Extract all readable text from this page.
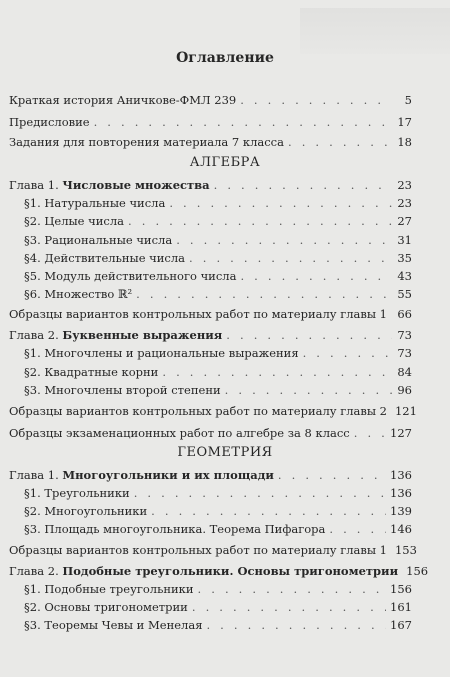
Оглавление
Краткая история Аничкове-ФМЛ 239 . . .	5
Предисловие . . .	17
Задания для повторения материала 7 класса . . .	18
АЛГЕБРА
Глава 1. Числовые множества . . .	23
§1. Натуральные числа . . .	23
§2. Целые числа . . .	27
§3. Рациональные числа . . .	31
§4. Действительные числа . . .	35
§5. Модуль действительного числа . . .	43
§6. Множество ℝ² . . .	55
Образцы вариантов контрольных работ по материалу главы 1 . . . 66
Глава 2. Буквенные выражения . . .	73
§1. Многочлены и рациональные выражения . . .	73
§2. Квадратные корни . . .	84
§3. Многочлены второй степени . . .	96
Образцы вариантов контрольных работ по материалу главы 2 121
Образцы экзаменационных работ по алгебре за 8 класс . . .	127
ГЕОМЕТРИЯ
Глава 1. Многоугольники и их площади . . .	136
§1. Треугольники . . .	136
§2. Многоугольники . . .	139
§3. Площадь многоугольника. Теорема Пифагора . . .	146
Образцы вариантов контрольных работ по материалу главы 1 153
Глава 2. Подобные треугольники. Основы тригонометрии 156
§1. Подобные треугольники . . .	156
§2. Основы тригонометрии . . .	161
§3. Теоремы Чевы и Менелая . . .	167
